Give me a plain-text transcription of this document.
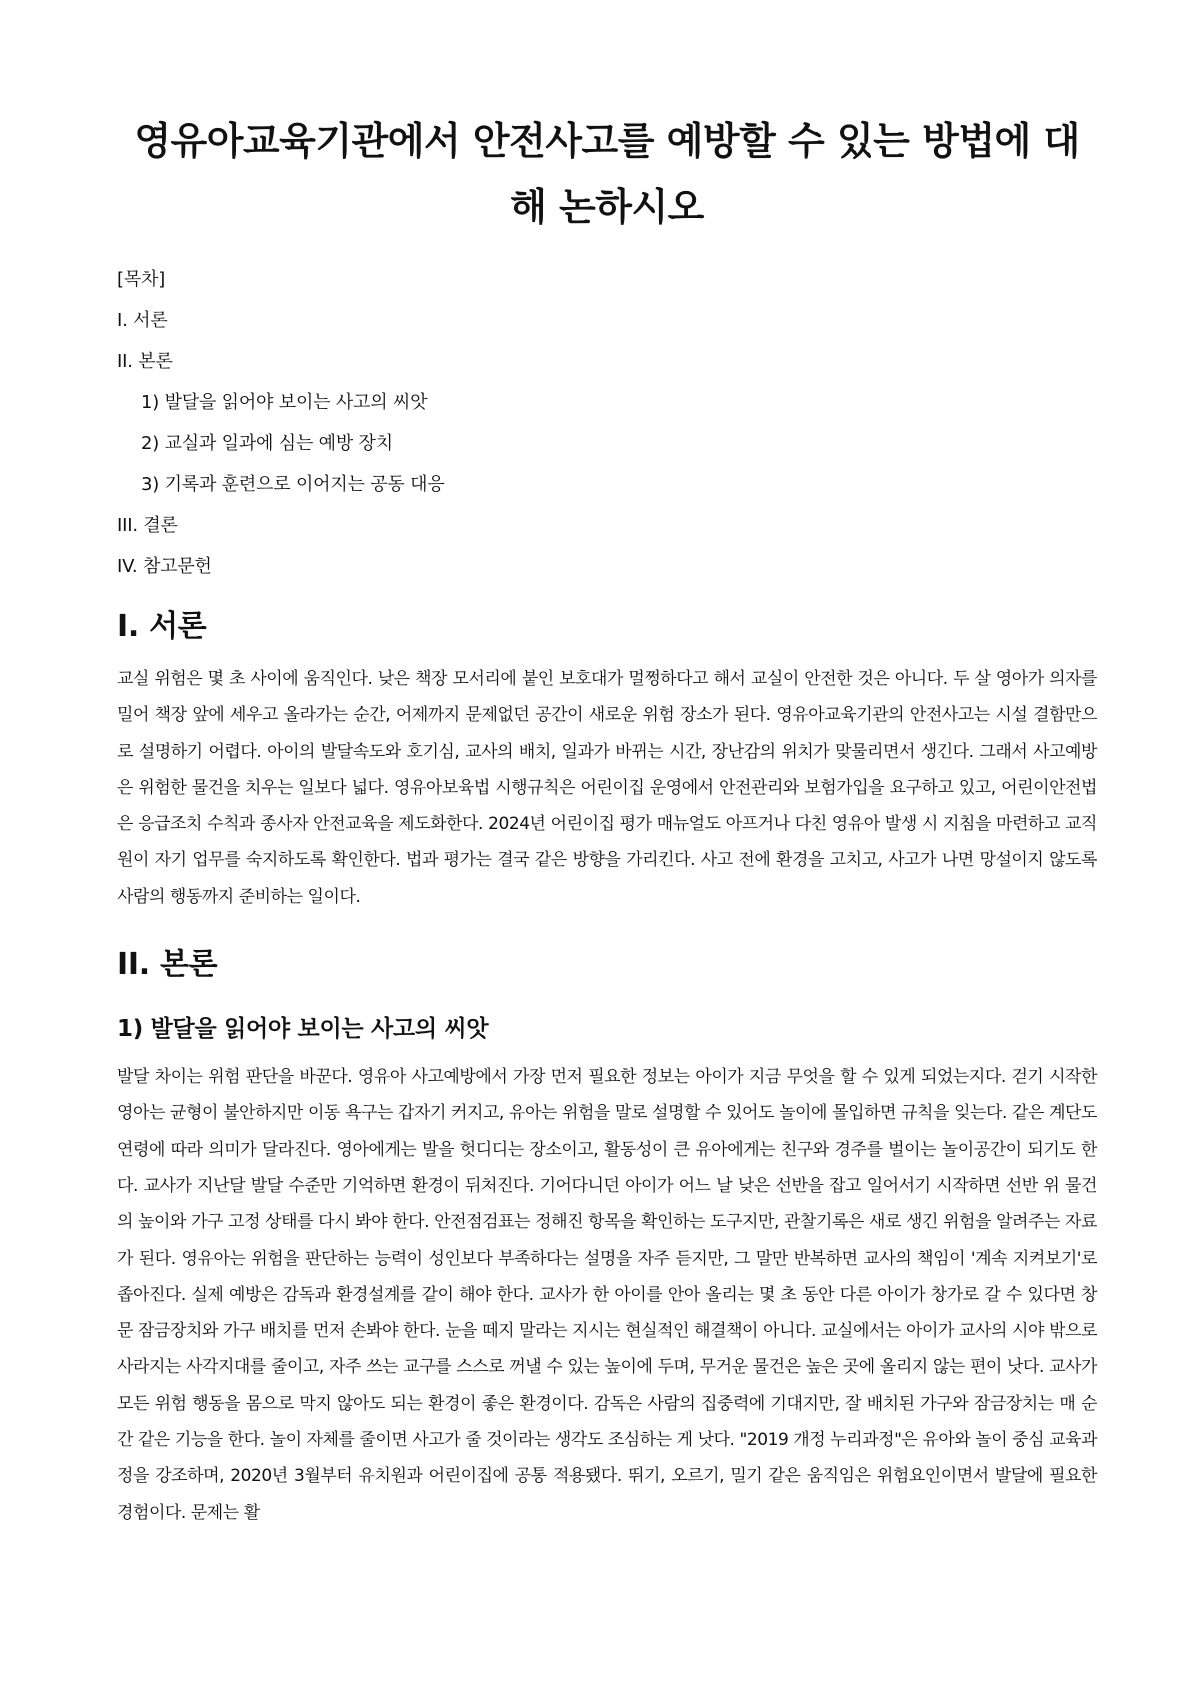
영유아교육기관에서 안전사고를 예방할 수 있는 방법에 대해 논하시오
[목차]
I. 서론
II. 본론
1) 발달을 읽어야 보이는 사고의 씨앗
2) 교실과 일과에 심는 예방 장치
3) 기록과 훈련으로 이어지는 공동 대응
III. 결론
IV. 참고문헌
I. 서론

교실 위험은 몇 초 사이에 움직인다. 낮은 책장 모서리에 붙인 보호대가 멀쩡하다고 해서 교실이 안전한 것은 아니다. 두 살 영아가 의자를 밀어 책장 앞에 세우고 올라가는 순간, 어제까지 문제없던 공간이 새로운 위험 장소가 된다. 영유아교육기관의 안전사고는 시설 결함만으로 설명하기 어렵다. 아이의 발달속도와 호기심, 교사의 배치, 일과가 바뀌는 시간, 장난감의 위치가 맞물리면서 생긴다. 그래서 사고예방은 위험한 물건을 치우는 일보다 넓다. 영유아보육법 시행규칙은 어린이집 운영에서 안전관리와 보험가입을 요구하고 있고, 어린이안전법은 응급조치 수칙과 종사자 안전교육을 제도화한다. 2024년 어린이집 평가 매뉴얼도 아프거나 다친 영유아 발생 시 지침을 마련하고 교직원이 자기 업무를 숙지하도록 확인한다. 법과 평가는 결국 같은 방향을 가리킨다. 사고 전에 환경을 고치고, 사고가 나면 망설이지 않도록 사람의 행동까지 준비하는 일이다.

II. 본론
1) 발달을 읽어야 보이는 사고의 씨앗

발달 차이는 위험 판단을 바꾼다. 영유아 사고예방에서 가장 먼저 필요한 정보는 아이가 지금 무엇을 할 수 있게 되었는지다. 걷기 시작한 영아는 균형이 불안하지만 이동 욕구는 갑자기 커지고, 유아는 위험을 말로 설명할 수 있어도 놀이에 몰입하면 규칙을 잊는다. 같은 계단도 연령에 따라 의미가 달라진다. 영아에게는 발을 헛디디는 장소이고, 활동성이 큰 유아에게는 친구와 경주를 벌이는 놀이공간이 되기도 한다. 교사가 지난달 발달 수준만 기억하면 환경이 뒤처진다. 기어다니던 아이가 어느 날 낮은 선반을 잡고 일어서기 시작하면 선반 위 물건의 높이와 가구 고정 상태를 다시 봐야 한다. 안전점검표는 정해진 항목을 확인하는 도구지만, 관찰기록은 새로 생긴 위험을 알려주는 자료가 된다. 영유아는 위험을 판단하는 능력이 성인보다 부족하다는 설명을 자주 듣지만, 그 말만 반복하면 교사의 책임이 '계속 지켜보기'로 좁아진다. 실제 예방은 감독과 환경설계를 같이 해야 한다. 교사가 한 아이를 안아 올리는 몇 초 동안 다른 아이가 창가로 갈 수 있다면 창문 잠금장치와 가구 배치를 먼저 손봐야 한다. 눈을 떼지 말라는 지시는 현실적인 해결책이 아니다. 교실에서는 아이가 교사의 시야 밖으로 사라지는 사각지대를 줄이고, 자주 쓰는 교구를 스스로 꺼낼 수 있는 높이에 두며, 무거운 물건은 높은 곳에 올리지 않는 편이 낫다. 교사가 모든 위험 행동을 몸으로 막지 않아도 되는 환경이 좋은 환경이다. 감독은 사람의 집중력에 기대지만, 잘 배치된 가구와 잠금장치는 매 순간 같은 기능을 한다. 놀이 자체를 줄이면 사고가 줄 것이라는 생각도 조심하는 게 낫다. "2019 개정 누리과정"은 유아와 놀이 중심 교육과정을 강조하며, 2020년 3월부터 유치원과 어린이집에 공통 적용됐다. 뛰기, 오르기, 밀기 같은 움직임은 위험요인이면서 발달에 필요한 경험이다. 문제는 활
